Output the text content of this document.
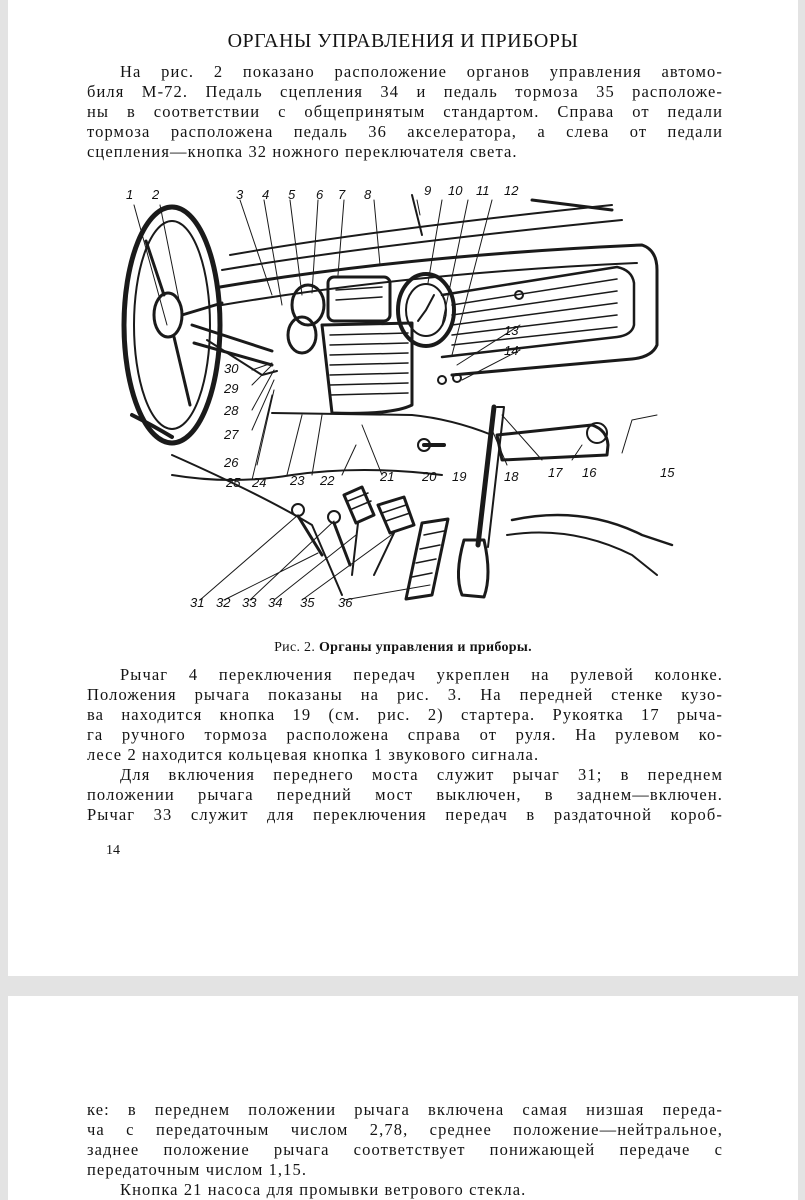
ОРГАНЫ УПРАВЛЕНИЯ И ПРИБОРЫ
На рис. 2 показано расположение органов управления автомо-
биля М-72. Педаль сцепления 34 и педаль тормоза 35 расположе-
ны в соответствии с общепринятым стандартом. Справа от педали
тормоза расположена педаль 36 акселератора, а слева от педали
сцепления—кнопка 32 ножного переключателя света.
1 2	3 4 5 6 7 8	9 10 11 12
13
14
15
16
17
18
19
20
21
22
23
24
25
26
27
28
29
30
31 32 33 34 35 36
Рис. 2. Органы управления и приборы.
Рычаг 4 переключения передач укреплен на рулевой колонке.
Положения рычага показаны на рис. 3. На передней стенке кузо-
ва находится кнопка 19 (см. рис. 2) стартера. Рукоятка 17 рыча-
га ручного тормоза расположена справа от руля. На рулевом ко-
лесе 2 находится кольцевая кнопка 1 звукового сигнала.
Для включения переднего моста служит рычаг 31; в переднем
положении рычага передний мост выключен, в заднем—включен.
Рычаг 33 служит для переключения передач в раздаточной короб-
14
ке: в переднем положении рычага включена самая низшая переда-
ча с передаточным числом 2,78, среднее положение—нейтральное,
заднее положение рычага соответствует понижающей передаче с
передаточным числом 1,15.
Кнопка 21 насоса для промывки ветрового стекла.
